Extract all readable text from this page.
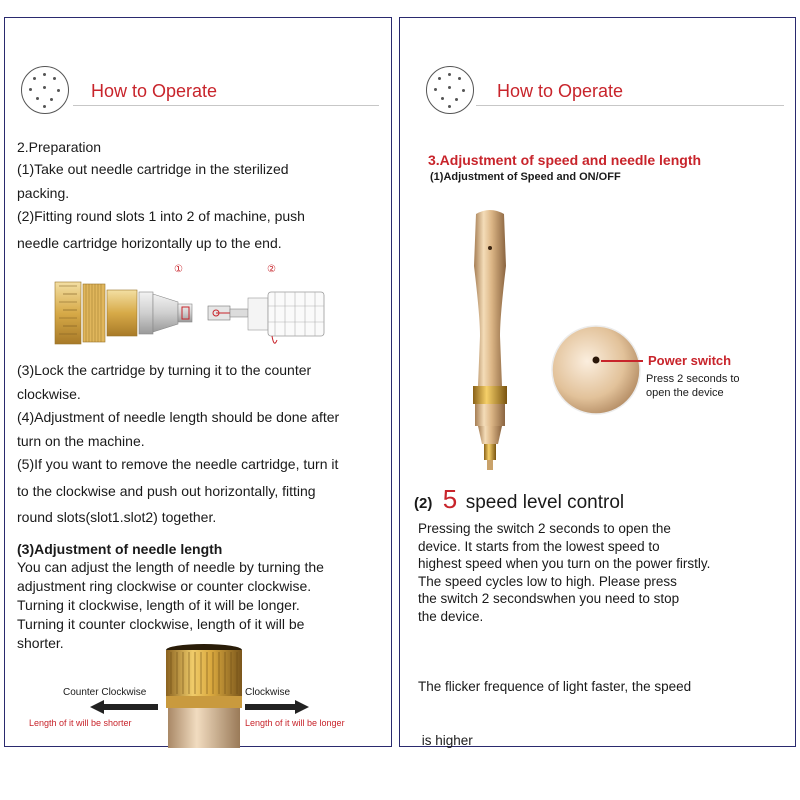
How to Operate
2.Preparation
(1)Take out needle cartridge in the sterilized
packing.
(2)Fitting round slots 1 into 2 of machine, push
needle cartridge horizontally up to the end.
①	②
(3)Lock the cartridge by turning it to the counter
clockwise.
(4)Adjustment of needle length should be done after
turn on the machine.
(5)If you want to remove the needle cartridge, turn it
to the clockwise and push out horizontally, fitting
round slots(slot1.slot2) together.
(3)Adjustment of needle length
You can adjust the length of needle by turning the
adjustment ring clockwise or counter clockwise.
Turning it clockwise, length of it will be longer.
Turning it counter clockwise, length of it will be
shorter.
Counter Clockwise	Clockwise
Length of it will be shorter	Length of it will be longer
How to Operate
3.Adjustment of speed and needle length
(1)Adjustment of Speed and ON/OFF
Power switch
Press 2 seconds to
open the device
(2) 5 speed level control
Pressing the switch 2 seconds to open the
device. It starts from the lowest speed to
highest speed when you turn on the power firstly.
The speed cycles low to high. Please press
the switch 2 secondswhen you need to stop
the device.

The flicker frequence of light faster, the speed

is higher
